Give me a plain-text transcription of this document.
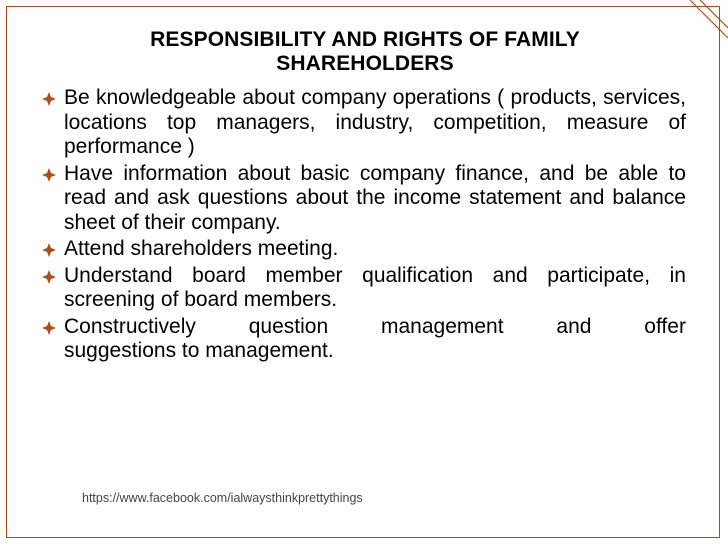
RESPONSIBILITY AND RIGHTS OF FAMILY
SHAREHOLDERS
Be knowledgeable about company operations ( products, services, locations top managers, industry, competition, measure of performance )
Have information about basic company finance, and be able to read and ask questions about the income statement and balance sheet of their company.
Attend shareholders meeting.
Understand board member qualification and participate, in screening of board members.
Constructively	question	management	and	offer
suggestions to management.
https://www.facebook.com/ialwaysthinkprettythings
